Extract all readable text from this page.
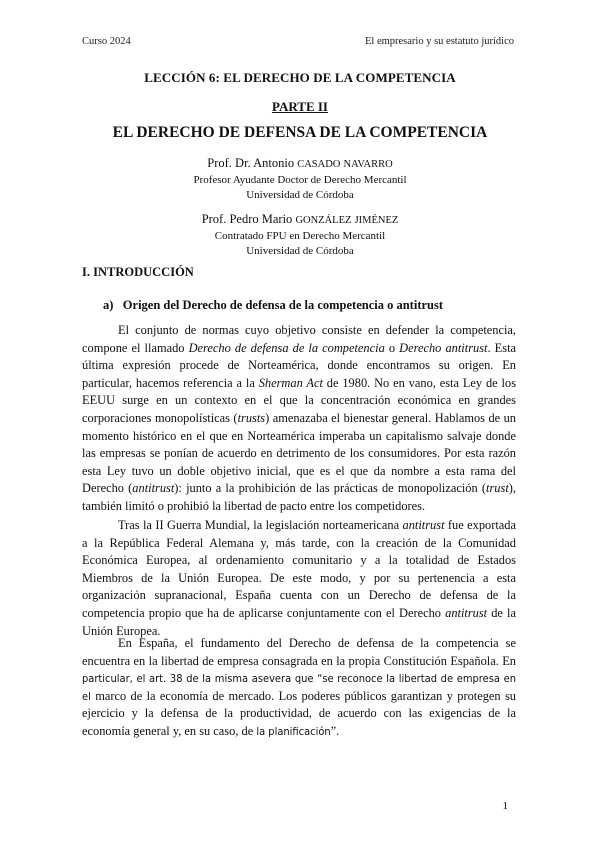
Curso 2024	El empresario y su estatuto jurídico
LECCIÓN 6: EL DERECHO DE LA COMPETENCIA
PARTE II
EL DERECHO DE DEFENSA DE LA COMPETENCIA
Prof. Dr. Antonio CASADO NAVARRO
Profesor Ayudante Doctor de Derecho Mercantil
Universidad de Córdoba
Prof. Pedro Mario GONZÁLEZ JIMÉNEZ
Contratado FPU en Derecho Mercantil
Universidad de Córdoba
I. INTRODUCCIÓN
a) Origen del Derecho de defensa de la competencia o antitrust

El conjunto de normas cuyo objetivo consiste en defender la competencia, compone el llamado Derecho de defensa de la competencia o Derecho antitrust. Esta última expresión procede de Norteamérica, donde encontramos su origen. En particular, hacemos referencia a la Sherman Act de 1980. No en vano, esta Ley de los EEUU surge en un contexto en el que la concentración económica en grandes corporaciones monopolísticas (trusts) amenazaba el bienestar general. Hablamos de un momento histórico en el que en Norteamérica imperaba un capitalismo salvaje donde las empresas se ponían de acuerdo en detrimento de los consumidores. Por esta razón esta Ley tuvo un doble objetivo inicial, que es el que da nombre a esta rama del Derecho (antitrust): junto a la prohibición de las prácticas de monopolización (trust), también limitó o prohibió la libertad de pacto entre los competidores.

Tras la II Guerra Mundial, la legislación norteamericana antitrust fue exportada a la República Federal Alemana y, más tarde, con la creación de la Comunidad Económica Europea, al ordenamiento comunitario y a la totalidad de Estados Miembros de la Unión Europea. De este modo, y por su pertenencia a esta organización supranacional, España cuenta con un Derecho de defensa de la competencia propio que ha de aplicarse conjuntamente con el Derecho antitrust de la Unión Europea.

En España, el fundamento del Derecho de defensa de la competencia se encuentra en la libertad de empresa consagrada en la propia Constitución Española. En particular, el art. 38 de la misma asevera que “se reconoce la libertad de empresa en el marco de la economía de mercado. Los poderes públicos garantizan y protegen su ejercicio y la defensa de la productividad, de acuerdo con las exigencias de la economía general y, en su caso, de la planificación”.

1
